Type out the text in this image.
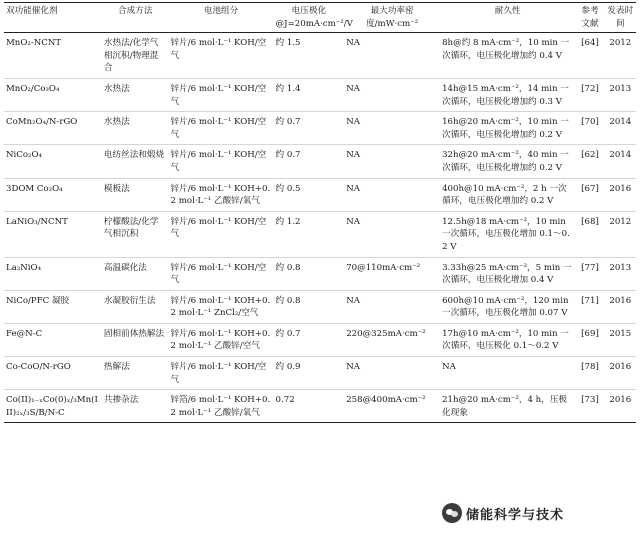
双功能催化剂	合成方法	电池组分	电压极化@J=20mA·cm⁻²/V	最大功率密度/mW·cm⁻²	耐久性	参考文献	发表时间
MnO₂-NCNT	水热法/化学气相沉积/物理混合	锌片/6 mol·L⁻¹ KOH/空气	约 1.5	NA	8h@约 8 mA·cm⁻²，10 min 一次循环，电压极化增加约 0.4 V	[64]	2012
MnO₂/Co₃O₄	水热法	锌片/6 mol·L⁻¹ KOH/空气	约 1.4	NA	14h@15 mA·cm⁻²，14 min 一次循环，电压极化增加约 0.3 V	[72]	2013
CoMn₂O₄/N-rGO	水热法	锌片/6 mol·L⁻¹ KOH/空气	约 0.7	NA	16h@20 mA·cm⁻²，10 min 一次循环，电压极化增加约 0.2 V	[70]	2014
NiCo₂O₄	电纺丝法和煅烧	锌片/6 mol·L⁻¹ KOH/空气	约 0.7	NA	32h@20 mA·cm⁻²，40 min 一次循环，电压极化增加约 0.2 V	[62]	2014
3DOM Co₃O₄	模板法	锌片/6 mol·L⁻¹ KOH+0.2 mol·L⁻¹ 乙酸锌/氧气	约 0.5	NA	400h@10 mA·cm⁻²，2 h 一次循环，电压极化增加约 0.2 V	[67]	2016
LaNiO₃/NCNT	柠檬酸法/化学气相沉积	锌片/6 mol·L⁻¹ KOH/空气	约 1.2	NA	12.5h@18 mA·cm⁻²，10 min 一次循环，电压极化增加 0.1～0.2 V	[68]	2012
La₂NiO₄	高温碳化法	锌片/6 mol·L⁻¹ KOH/空气	约 0.8	70@110mA·cm⁻²	3.33h@25 mA·cm⁻²，5 min 一次循环，电压极化增加 0.4 V	[77]	2013
NiCo/PFC 凝胶	水凝胶衍生法	锌片/6 mol·L⁻¹ KOH+0.2 mol·L⁻¹ ZnCl₂/空气	约 0.8	NA	600h@10 mA·cm⁻²，120 min 一次循环，电压极化增加 0.07 V	[71]	2016
Fe@N-C	固相前体热解法	锌片/6 mol·L⁻¹ KOH+0.2 mol·L⁻¹ 乙酸锌/空气	约 0.7	220@325mA·cm⁻²	17h@10 mA·cm⁻²，10 min 一次循环，电压极化 0.1～0.2 V	[69]	2015
Co-CoO/N-rGO	热解法	锌片/6 mol·L⁻¹ KOH/空气	约 0.9	NA	NA	[78]	2016
Co(II)₁₋ₓCo(0)ₓ/₃Mn(III)₂ₓ/₃S/B/N-C	共掺杂法	锌箔/6 mol·L⁻¹ KOH+0.2 mol·L⁻¹ 乙酸锌/氧气	0.72	258@400mA·cm⁻²	21h@20 mA·cm⁻²，4 h，压极化现象	[73]	2016
储能科学与技术
